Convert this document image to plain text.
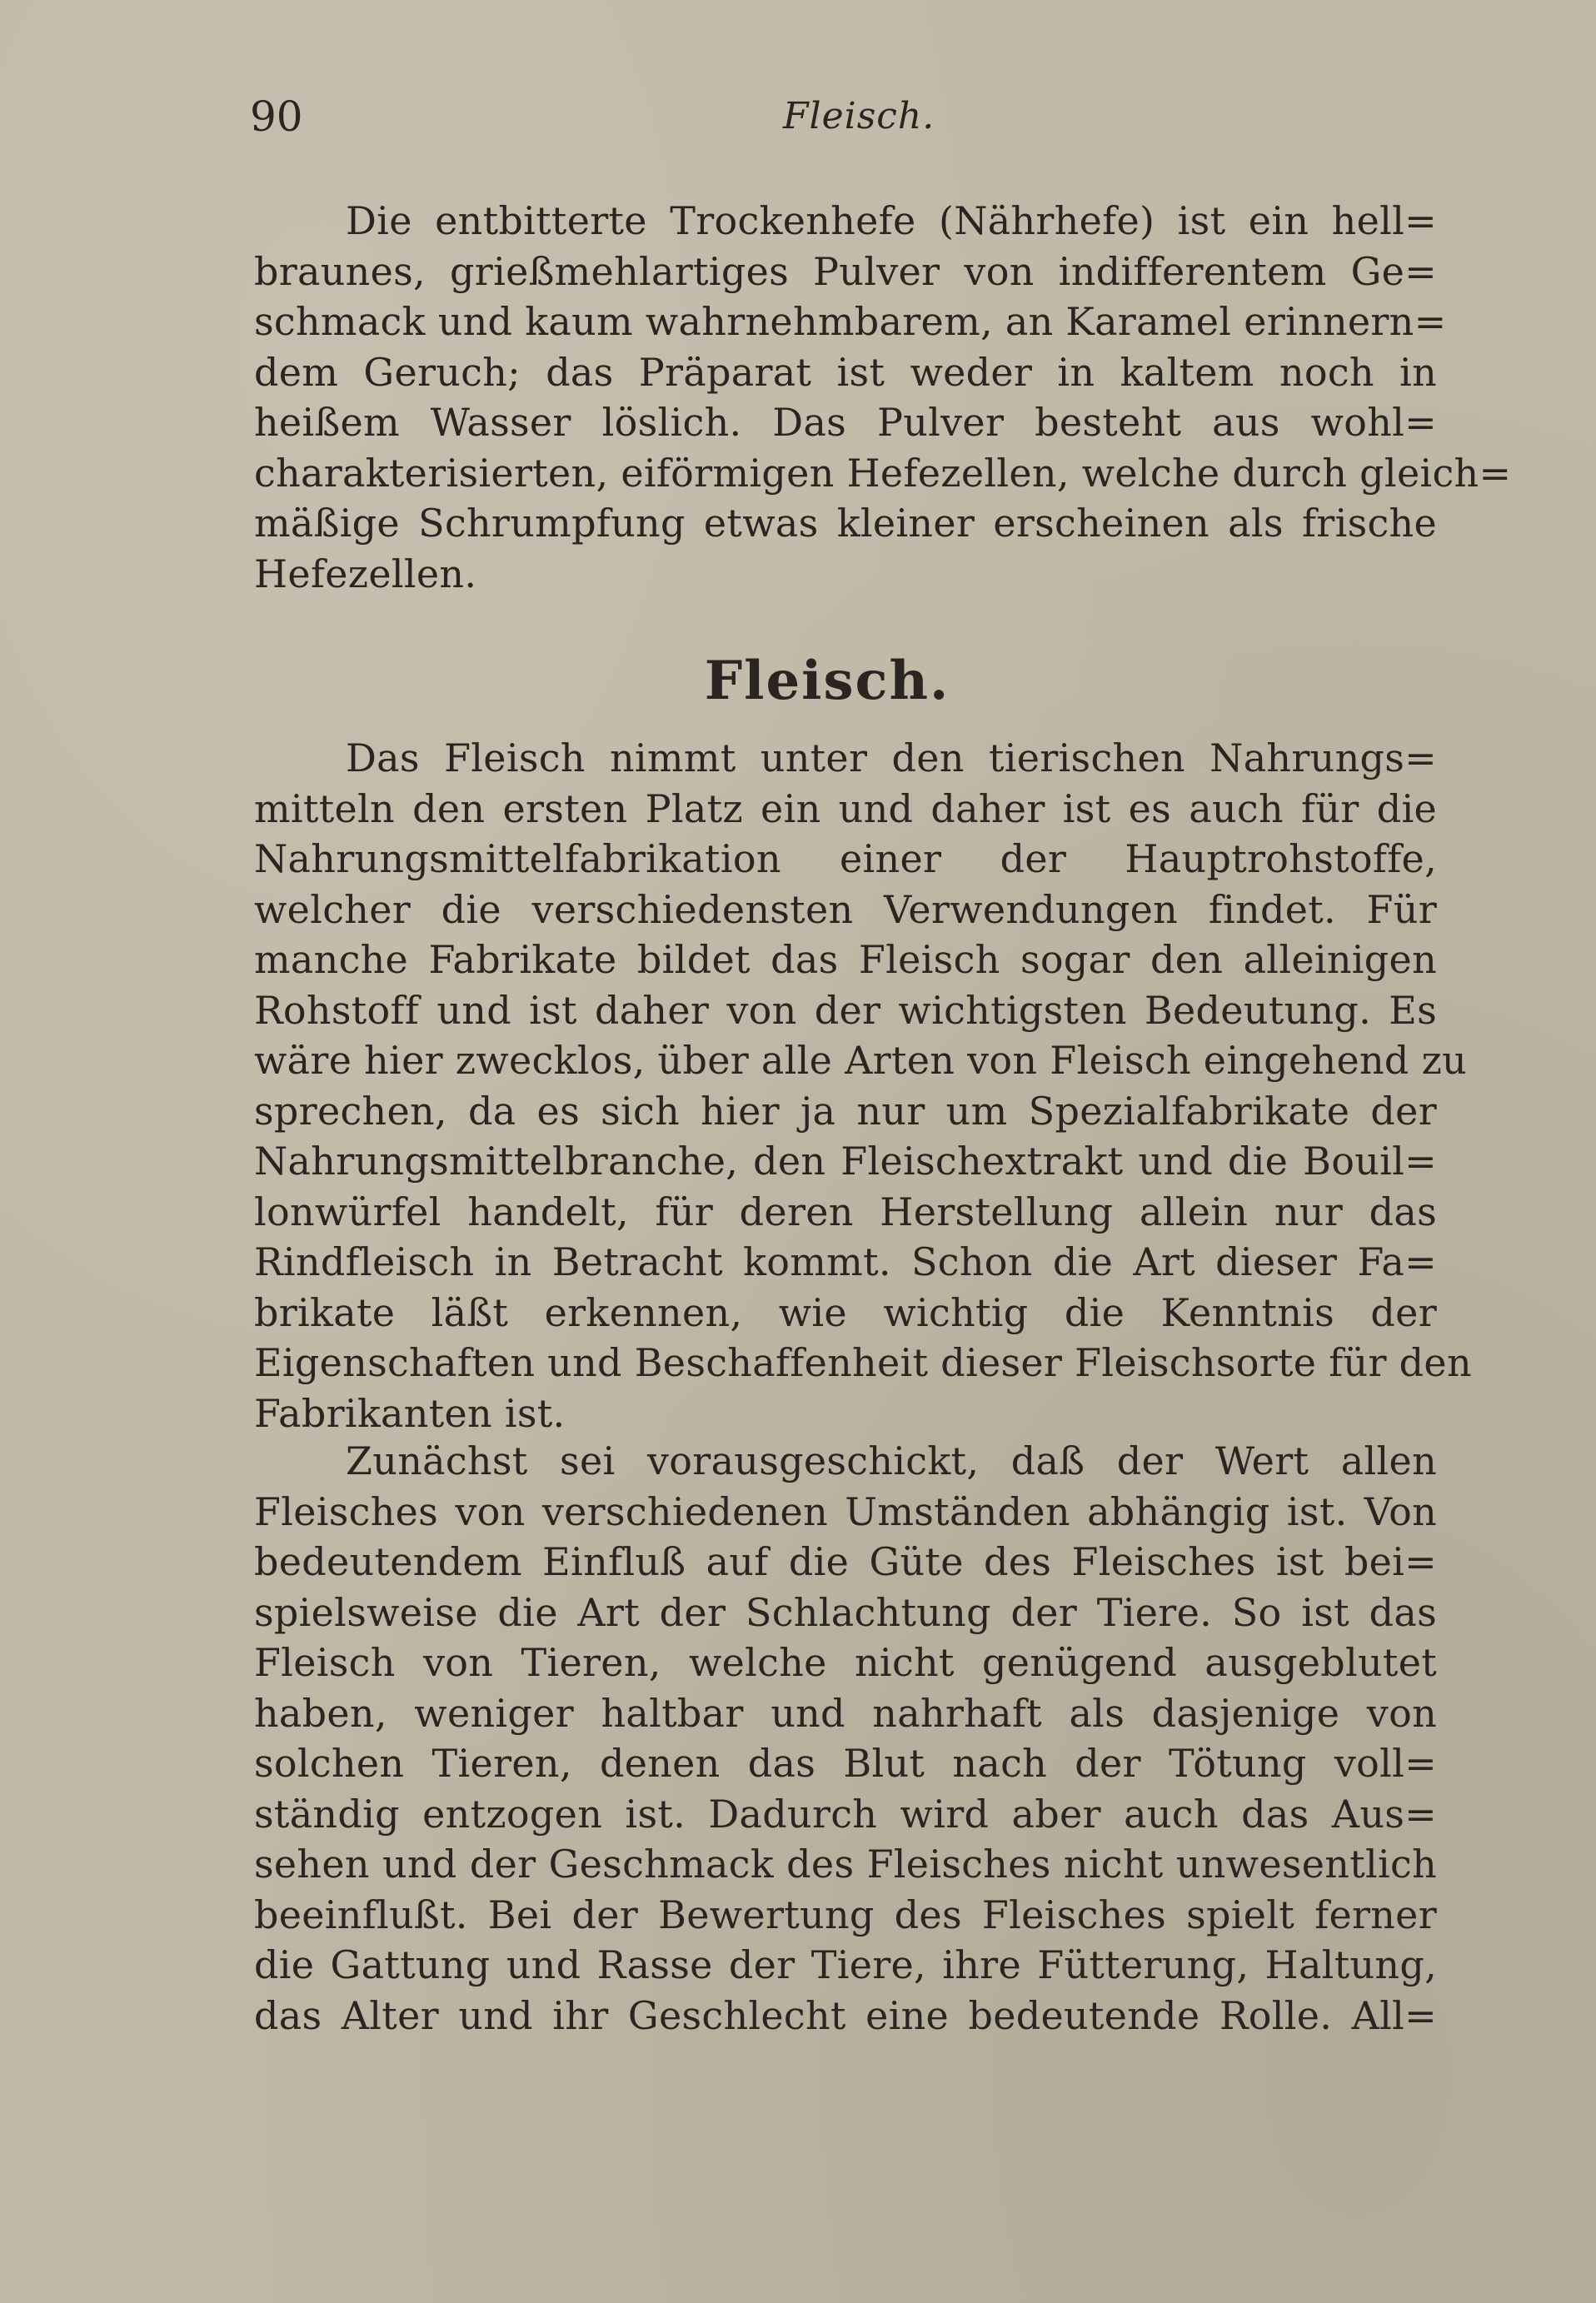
90	Fleisch.
Die entbitterte Trockenhefe (Nährhefe) ist ein hell=
braunes, grießmehlartiges Pulver von indifferentem Ge=
schmack und kaum wahrnehmbarem, an Karamel erinnern=
dem Geruch; das Präparat ist weder in kaltem noch in
heißem Wasser löslich. Das Pulver besteht aus wohl=
charakterisierten, eiförmigen Hefezellen, welche durch gleich=
mäßige Schrumpfung etwas kleiner erscheinen als frische
Hefezellen.
Fleisch.
Das Fleisch nimmt unter den tierischen Nahrungs=
mitteln den ersten Platz ein und daher ist es auch für die
Nahrungsmittelfabrikation einer der Hauptrohstoffe,
welcher die verschiedensten Verwendungen findet. Für
manche Fabrikate bildet das Fleisch sogar den alleinigen
Rohstoff und ist daher von der wichtigsten Bedeutung. Es
wäre hier zwecklos, über alle Arten von Fleisch eingehend zu
sprechen, da es sich hier ja nur um Spezialfabrikate der
Nahrungsmittelbranche, den Fleischextrakt und die Bouil=
lonwürfel handelt, für deren Herstellung allein nur das
Rindfleisch in Betracht kommt. Schon die Art dieser Fa=
brikate läßt erkennen, wie wichtig die Kenntnis der
Eigenschaften und Beschaffenheit dieser Fleischsorte für den
Fabrikanten ist.
Zunächst sei vorausgeschickt, daß der Wert allen
Fleisches von verschiedenen Umständen abhängig ist. Von
bedeutendem Einfluß auf die Güte des Fleisches ist bei=
spielsweise die Art der Schlachtung der Tiere. So ist das
Fleisch von Tieren, welche nicht genügend ausgeblutet
haben, weniger haltbar und nahrhaft als dasjenige von
solchen Tieren, denen das Blut nach der Tötung voll=
ständig entzogen ist. Dadurch wird aber auch das Aus=
sehen und der Geschmack des Fleisches nicht unwesentlich
beeinflußt. Bei der Bewertung des Fleisches spielt ferner
die Gattung und Rasse der Tiere, ihre Fütterung, Haltung,
das Alter und ihr Geschlecht eine bedeutende Rolle. All=
